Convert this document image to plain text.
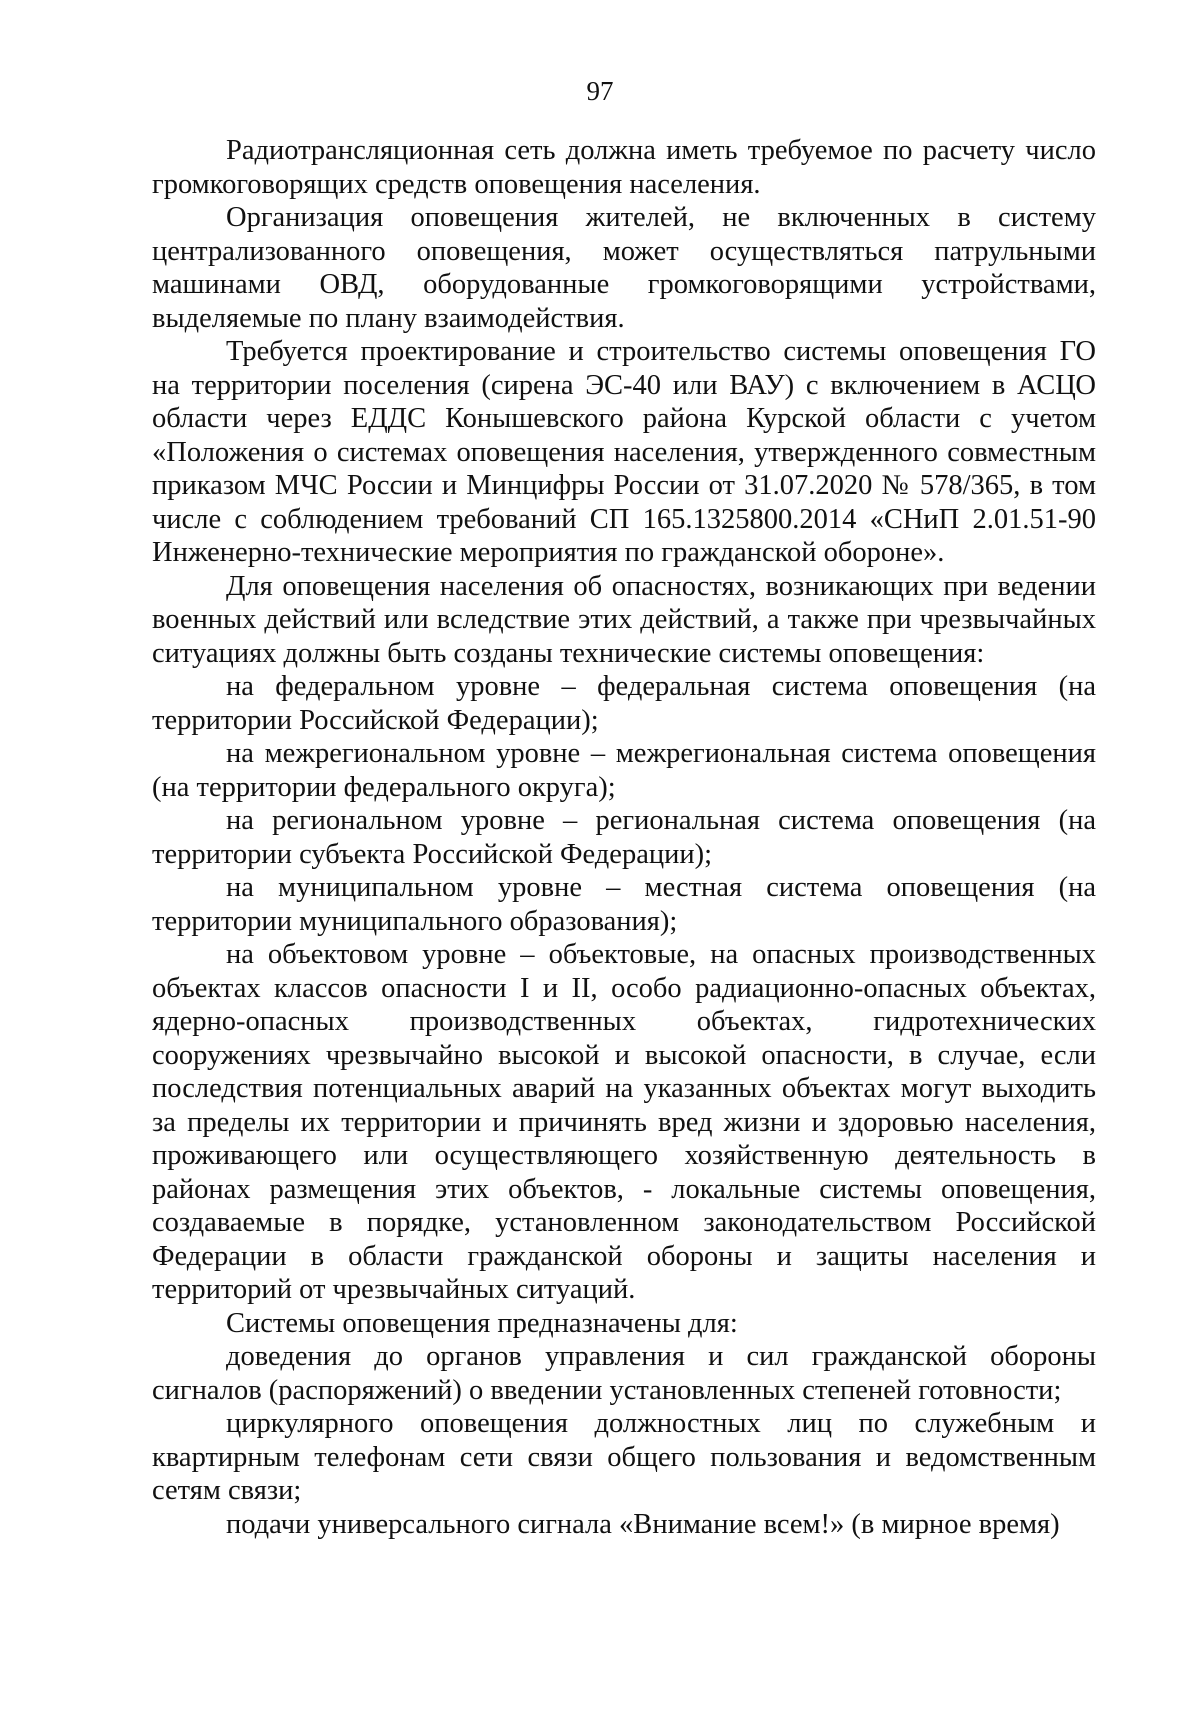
97

Радиотрансляционная сеть должна иметь требуемое по расчету число громкоговорящих средств оповещения населения.

Организация оповещения жителей, не включенных в систему централизованного оповещения, может осуществляться патрульными машинами ОВД, оборудованные громкоговорящими устройствами, выделяемые по плану взаимодействия.

Требуется проектирование и строительство системы оповещения ГО на территории поселения (сирена ЭС-40 или ВАУ) с включением в АСЦО области через ЕДДС Конышевского района Курской области с учетом «Положения о системах оповещения населения, утвержденного совместным приказом МЧС России и Минцифры России от 31.07.2020 № 578/365, в том числе с соблюдением требований СП 165.1325800.2014 «СНиП 2.01.51-90 Инженерно-технические мероприятия по гражданской обороне».

Для оповещения населения об опасностях, возникающих при ведении военных действий или вследствие этих действий, а также при чрезвычайных ситуациях должны быть созданы технические системы оповещения:

на федеральном уровне – федеральная система оповещения (на территории Российской Федерации);

на межрегиональном уровне – межрегиональная система оповещения (на территории федерального округа);

на региональном уровне – региональная система оповещения (на территории субъекта Российской Федерации);

на муниципальном уровне – местная система оповещения (на территории муниципального образования);

на объектовом уровне – объектовые, на опасных производственных объектах классов опасности I и II, особо радиационно-опасных объектах, ядерно-опасных производственных объектах, гидротехнических сооружениях чрезвычайно высокой и высокой опасности, в случае, если последствия потенциальных аварий на указанных объектах могут выходить за пределы их территории и причинять вред жизни и здоровью населения, проживающего или осуществляющего хозяйственную деятельность в районах размещения этих объектов, - локальные системы оповещения, создаваемые в порядке, установленном законодательством Российской Федерации в области гражданской обороны и защиты населения и территорий от чрезвычайных ситуаций.

Системы оповещения предназначены для:

доведения до органов управления и сил гражданской обороны сигналов (распоряжений) о введении установленных степеней готовности;

циркулярного оповещения должностных лиц по служебным и квартирным телефонам сети связи общего пользования и ведомственным сетям связи;

подачи универсального сигнала «Внимание всем!» (в мирное время)
